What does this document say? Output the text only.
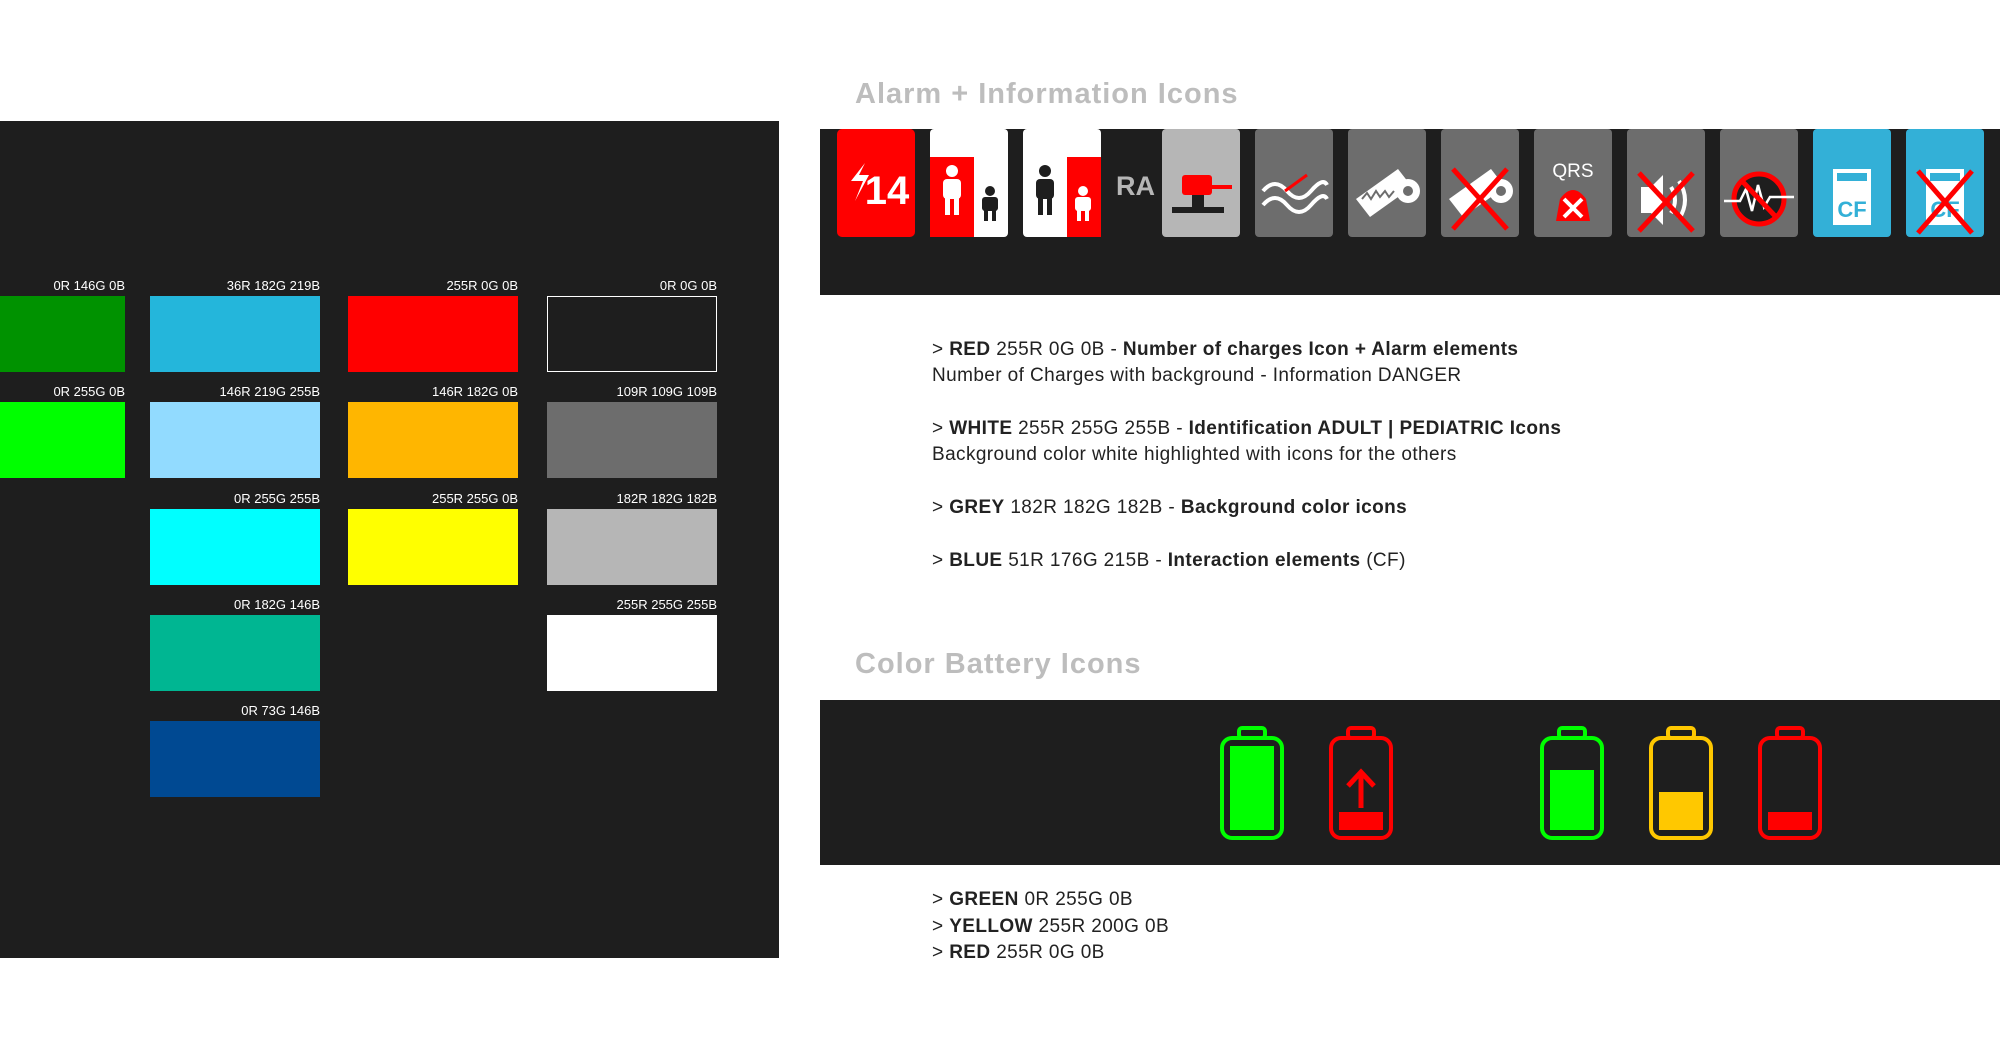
0R 146G 0B
0R 255G 0B
36R 182G 219B
146R 219G 255B
0R 255G 255B
0R 182G 146B
0R 73G 146B
255R 0G 0B
146R 182G 0B
255R 255G 0B
0R 0G 0B
109R 109G 109B
182R 182G 182B
255R 255G 255B
Alarm + Information Icons
14	RA	QRS
CF	CF
> RED 255R 0G 0B - Number of charges Icon + Alarm elements
Number of Charges with background - Information DANGER
> WHITE 255R 255G 255B - Identification ADULT | PEDIATRIC Icons
Background color white highlighted with icons for the others
> GREY 182R 182G 182B - Background color icons
> BLUE 51R 176G 215B - Interaction elements (CF)
Color Battery Icons
> GREEN 0R 255G 0B
> YELLOW 255R 200G 0B
> RED 255R 0G 0B
